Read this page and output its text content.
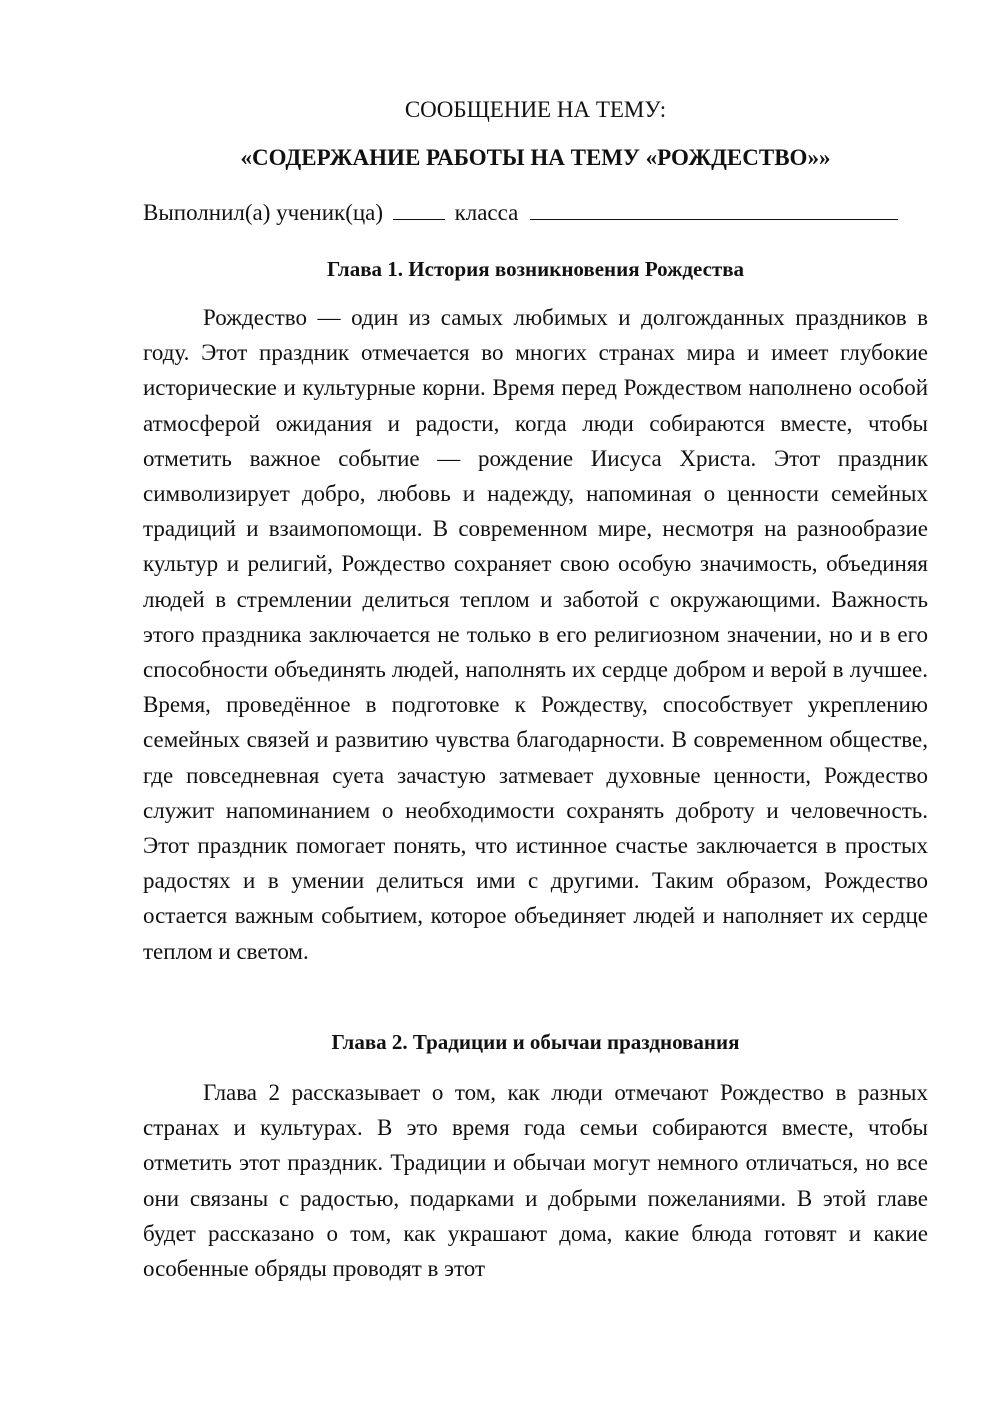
СООБЩЕНИЕ НА ТЕМУ:
«СОДЕРЖАНИЕ РАБОТЫ НА ТЕМУ «РОЖДЕСТВО»»
Выполнил(а) ученик(ца)	класса
Глава 1. История возникновения Рождества

Рождество — один из самых любимых и долгожданных праздников в году. Этот праздник отмечается во многих странах мира и имеет глубокие исторические и культурные корни. Время перед Рождеством наполнено особой атмосферой ожидания и радости, когда люди собираются вместе, чтобы отметить важное событие — рождение Иисуса Христа. Этот праздник символизирует добро, любовь и надежду, напоминая о ценности семейных традиций и взаимопомощи. В современном мире, несмотря на разнообразие культур и религий, Рождество сохраняет свою особую значимость, объединяя людей в стремлении делиться теплом и заботой с окружающими. Важность этого праздника заключается не только в его религиозном значении, но и в его способности объединять людей, наполнять их сердце добром и верой в лучшее. Время, проведённое в подготовке к Рождеству, способствует укреплению семейных связей и развитию чувства благодарности. В современном обществе, где повседневная суета зачастую затмевает духовные ценности, Рождество служит напоминанием о необходимости сохранять доброту и человечность. Этот праздник помогает понять, что истинное счастье заключается в простых радостях и в умении делиться ими с другими. Таким образом, Рождество остается важным событием, которое объединяет людей и наполняет их сердце теплом и светом.

Глава 2. Традиции и обычаи празднования

Глава 2 рассказывает о том, как люди отмечают Рождество в разных странах и культурах. В это время года семьи собираются вместе, чтобы отметить этот праздник. Традиции и обычаи могут немного отличаться, но все они связаны с радостью, подарками и добрыми пожеланиями. В этой главе будет рассказано о том, как украшают дома, какие блюда готовят и какие особенные обряды проводят в этот
